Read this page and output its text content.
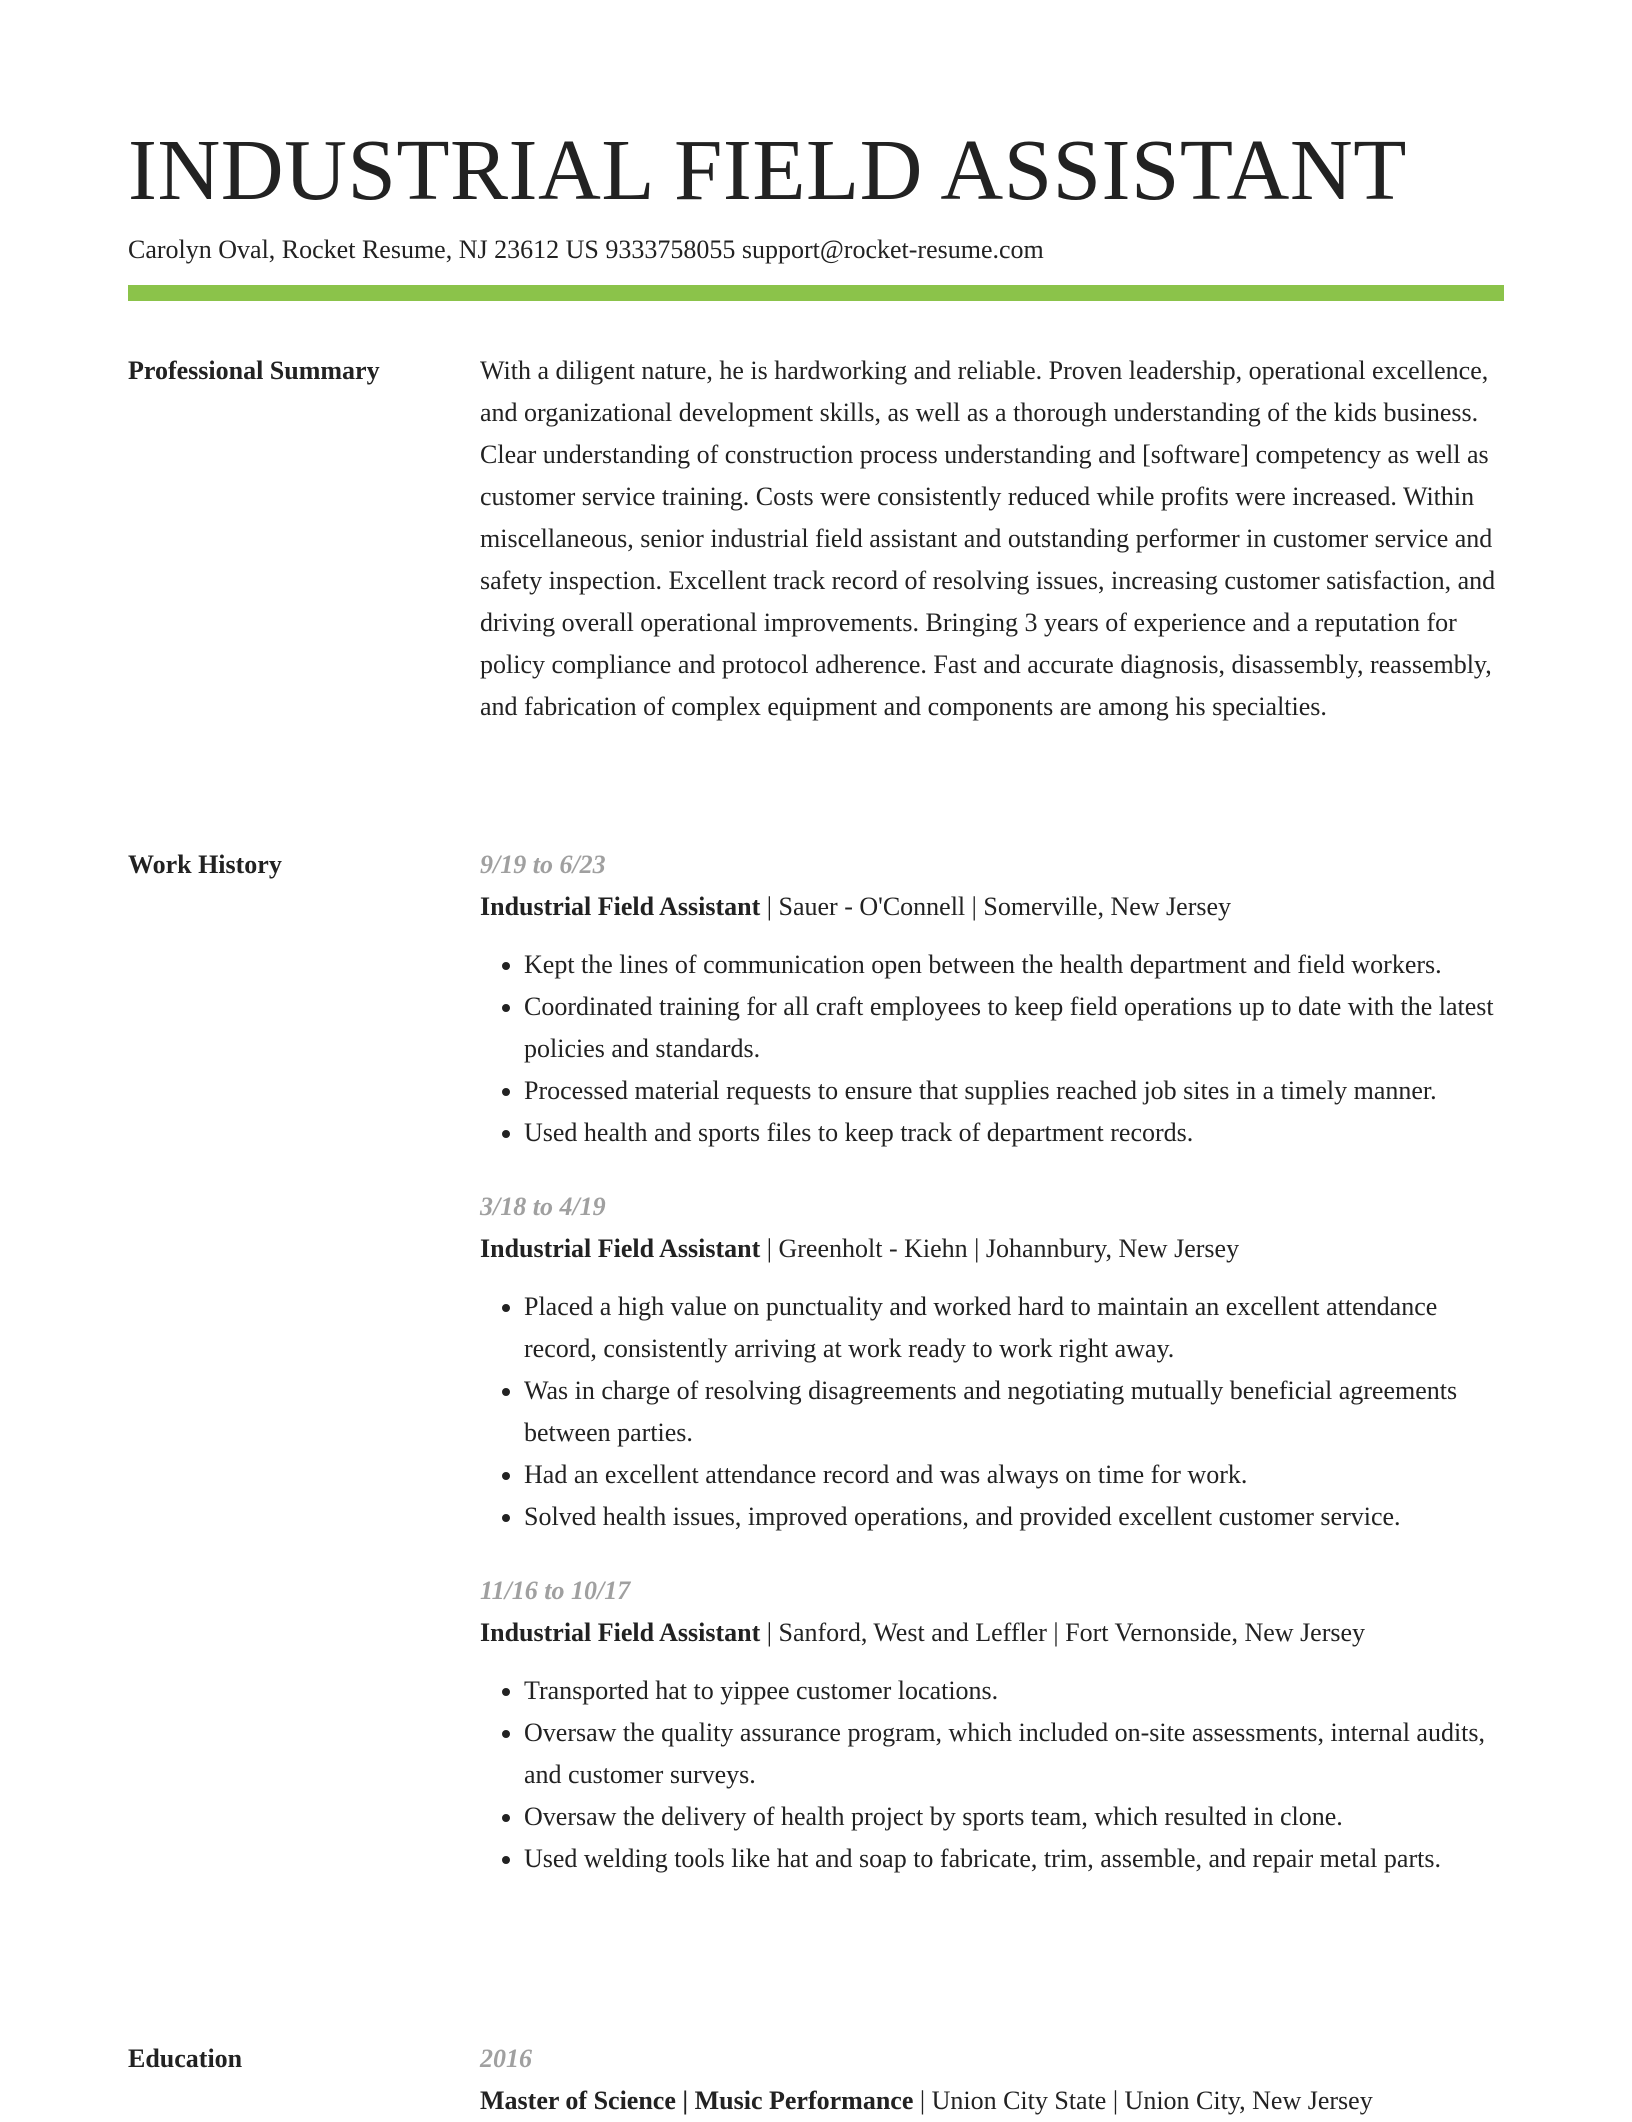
INDUSTRIAL FIELD ASSISTANT
Carolyn Oval, Rocket Resume, NJ 23612 US 9333758055 support@rocket-resume.com
Professional Summary	With a diligent nature, he is hardworking and reliable. Proven leadership, operational excellence, and organizational development skills, as well as a thorough understanding of the kids business. Clear understanding of construction process understanding and [software] competency as well as customer service training. Costs were consistently reduced while profits were increased. Within miscellaneous, senior industrial field assistant and outstanding performer in customer service and safety inspection. Excellent track record of resolving issues, increasing customer satisfaction, and driving overall operational improvements. Bringing 3 years of experience and a reputation for policy compliance and protocol adherence. Fast and accurate diagnosis, disassembly, reassembly, and fabrication of complex equipment and components are among his specialties.

Work History	9/19 to 6/23
Industrial Field Assistant | Sauer - O'Connell | Somerville, New Jersey
• Kept the lines of communication open between the health department and field workers.
• Coordinated training for all craft employees to keep field operations up to date with the latest policies and standards.
• Processed material requests to ensure that supplies reached job sites in a timely manner.
• Used health and sports files to keep track of department records.
3/18 to 4/19
Industrial Field Assistant | Greenholt - Kiehn | Johannbury, New Jersey
• Placed a high value on punctuality and worked hard to maintain an excellent attendance record, consistently arriving at work ready to work right away.
• Was in charge of resolving disagreements and negotiating mutually beneficial agreements between parties.
• Had an excellent attendance record and was always on time for work.
• Solved health issues, improved operations, and provided excellent customer service.
11/16 to 10/17
Industrial Field Assistant | Sanford, West and Leffler | Fort Vernonside, New Jersey
• Transported hat to yippee customer locations.
• Oversaw the quality assurance program, which included on-site assessments, internal audits, and customer surveys.
• Oversaw the delivery of health project by sports team, which resulted in clone.
• Used welding tools like hat and soap to fabricate, trim, assemble, and repair metal parts.
Education	2016
Master of Science | Music Performance | Union City State | Union City, New Jersey
